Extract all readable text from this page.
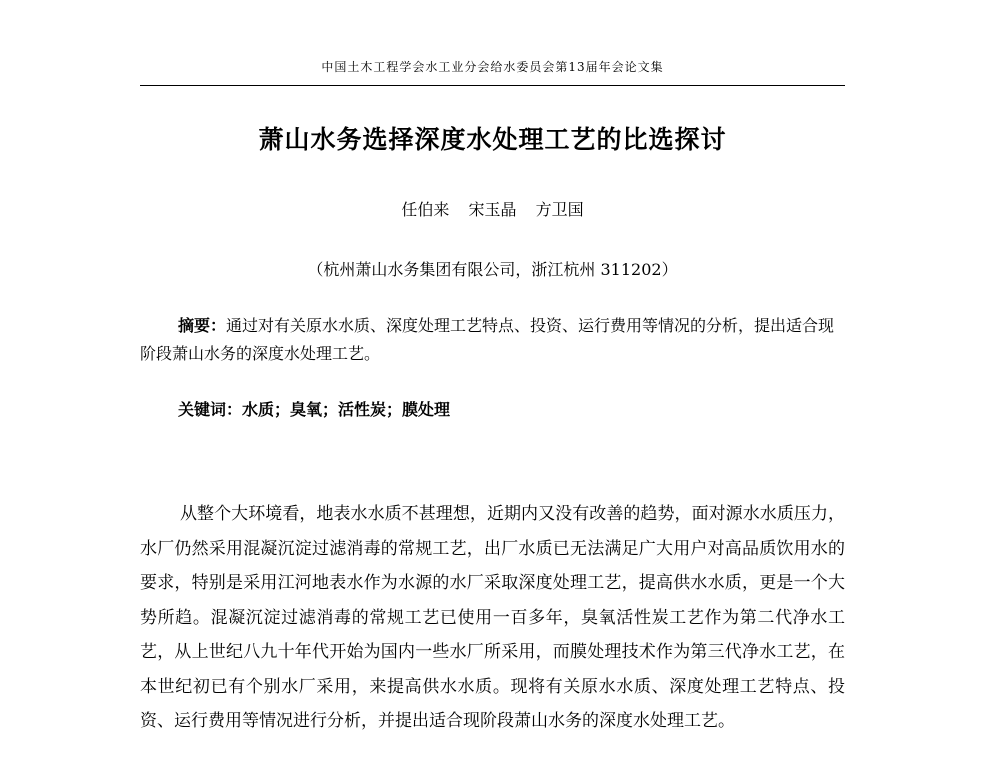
中国土木工程学会水工业分会给水委员会第13届年会论文集
萧山水务选择深度水处理工艺的比选探讨
任伯来 宋玉晶 方卫国
（杭州萧山水务集团有限公司，浙江杭州 311202）
摘要：通过对有关原水水质、深度处理工艺特点、投资、运行费用等情况的分析，提出适合现阶段萧山水务的深度水处理工艺。
关键词：水质；臭氧；活性炭；膜处理
从整个大环境看，地表水水质不甚理想，近期内又没有改善的趋势，面对源水水质压力，水厂仍然采用混凝沉淀过滤消毒的常规工艺，出厂水质已无法满足广大用户对高品质饮用水的要求，特别是采用江河地表水作为水源的水厂采取深度处理工艺，提高供水水质，更是一个大势所趋。混凝沉淀过滤消毒的常规工艺已使用一百多年，臭氧活性炭工艺作为第二代净水工艺，从上世纪八九十年代开始为国内一些水厂所采用，而膜处理技术作为第三代净水工艺，在本世纪初已有个别水厂采用，来提高供水水质。现将有关原水水质、深度处理工艺特点、投资、运行费用等情况进行分析，并提出适合现阶段萧山水务的深度水处理工艺。
